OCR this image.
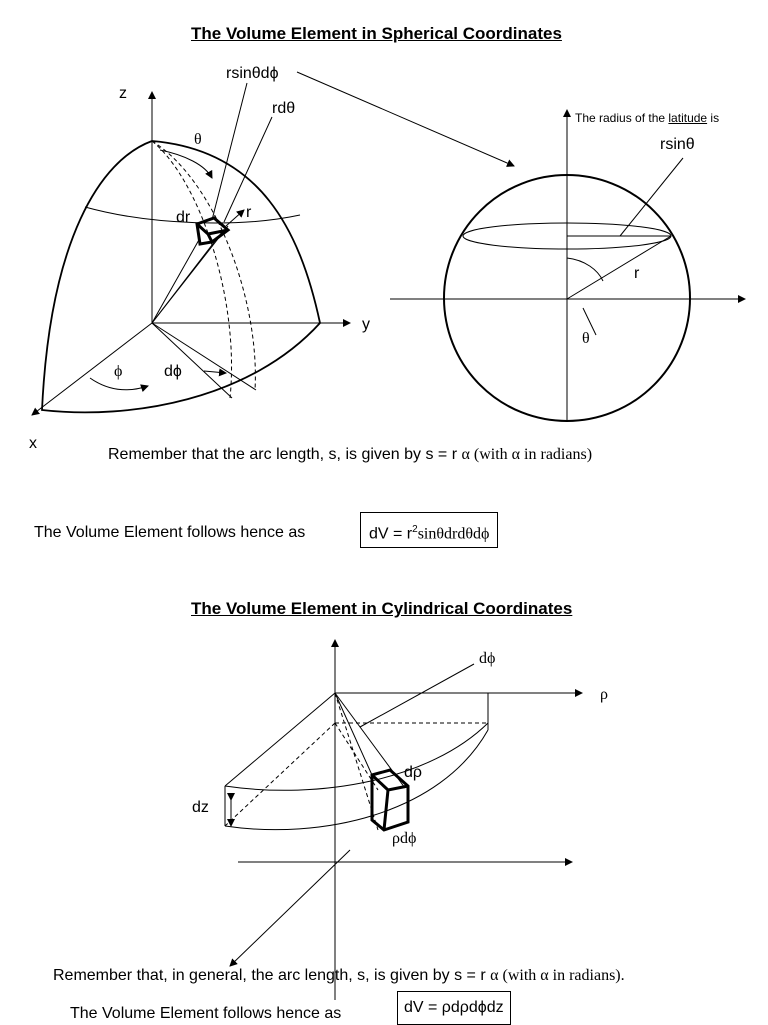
The Volume Element in Spherical Coordinates
z
x
y
θ
ϕ	dϕ
dr	r
rdθ
rsinθdϕ
The radius of the latitude is
rsinθ
r
θ
Remember that the arc length, s, is given by s = r α (with α in radians)
The Volume Element follows hence as	dV = $r^2\sin\theta drd\theta d\phi$
The Volume Element in Cylindrical Coordinates
dϕ
ρ
dρ
dz
ρdϕ
Remember that, in general, the arc length, s, is given by s = r α (with α in radians).
The Volume Element follows hence as	dV = ρdρdϕdz
